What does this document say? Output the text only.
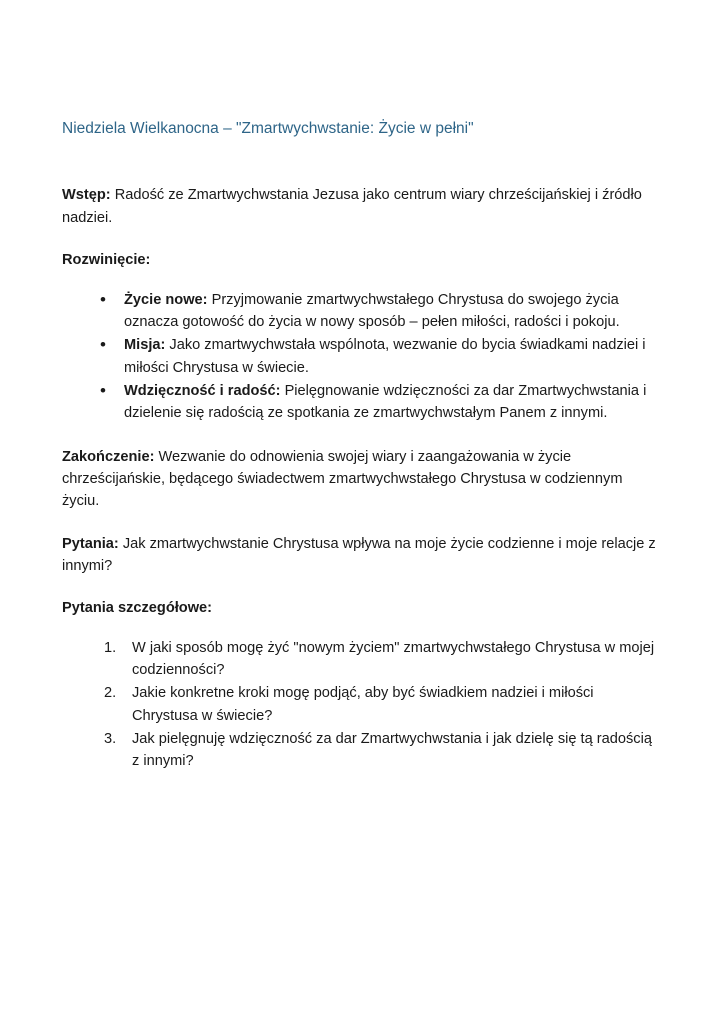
Niedziela Wielkanocna – "Zmartwychwstanie: Życie w pełni"

Wstęp: Radość ze Zmartwychwstania Jezusa jako centrum wiary chrześcijańskiej i źródło nadziei.

Rozwinięcie:

• Życie nowe: Przyjmowanie zmartwychwstałego Chrystusa do swojego życia oznacza gotowość do życia w nowy sposób – pełen miłości, radości i pokoju.
• Misja: Jako zmartwychwstała wspólnota, wezwanie do bycia świadkami nadziei i miłości Chrystusa w świecie.
• Wdzięczność i radość: Pielęgnowanie wdzięczności za dar Zmartwychwstania i dzielenie się radością ze spotkania ze zmartwychwstałym Panem z innymi.

Zakończenie: Wezwanie do odnowienia swojej wiary i zaangażowania w życie chrześcijańskie, będącego świadectwem zmartwychwstałego Chrystusa w codziennym życiu.

Pytania: Jak zmartwychwstanie Chrystusa wpływa na moje życie codzienne i moje relacje z innymi?

Pytania szczegółowe:

W jaki sposób mogę żyć "nowym życiem" zmartwychwstałego Chrystusa w mojej codzienności?
Jakie konkretne kroki mogę podjąć, aby być świadkiem nadziei i miłości Chrystusa w świecie?
Jak pielęgnuję wdzięczność za dar Zmartwychwstania i jak dzielę się tą radością z innymi?
